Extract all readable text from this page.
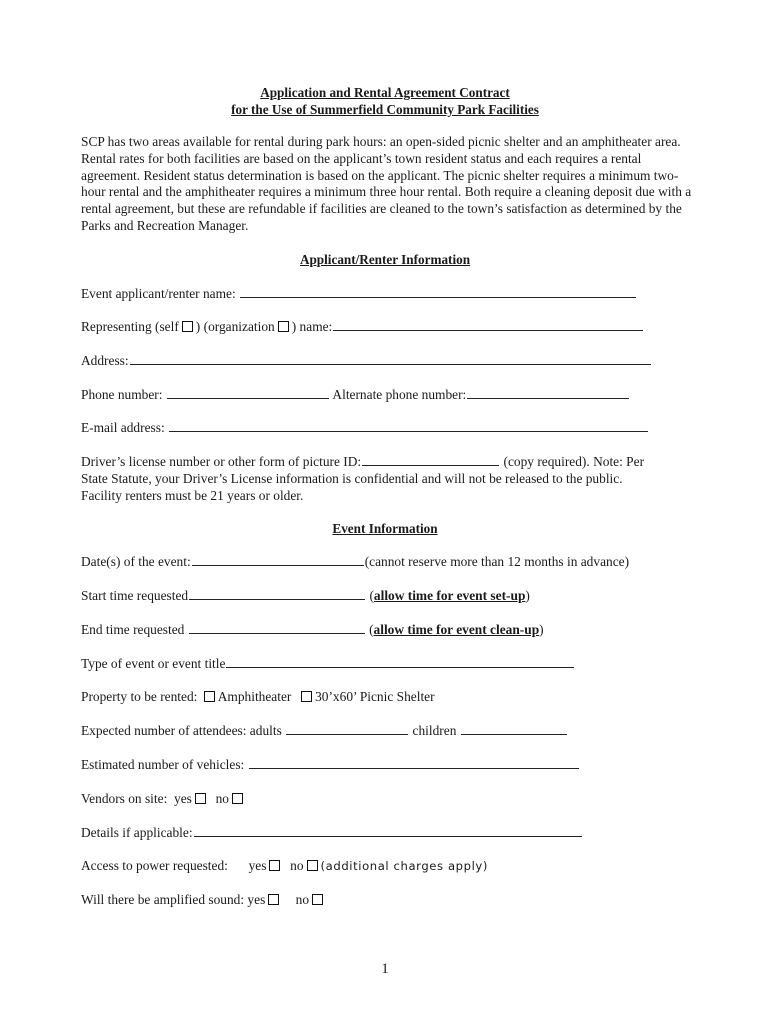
Application and Rental Agreement Contract
for the Use of Summerfield Community Park Facilities
SCP has two areas available for rental during park hours: an open-sided picnic shelter and an amphitheater area. Rental rates for both facilities are based on the applicant’s town resident status and each requires a rental agreement. Resident status determination is based on the applicant. The picnic shelter requires a minimum two-hour rental and the amphitheater requires a minimum three hour rental. Both require a cleaning deposit due with a rental agreement, but these are refundable if facilities are cleaned to the town’s satisfaction as determined by the Parks and Recreation Manager.
Applicant/Renter Information
Event applicant/renter name:
Representing (self ) (organization ) name:
Address:
Phone number:	Alternate phone number:
E-mail address:
Driver’s license number or other form of picture ID:	(copy required). Note: Per
State Statute, your Driver’s License information is confidential and will not be released to the public.
Facility renters must be 21 years or older.
Event Information
Date(s) of the event:	(cannot reserve more than 12 months in advance)
Start time requested	(allow time for event set-up)
End time requested	(allow time for event clean-up)
Type of event or event title
Property to be rented: Amphitheater 30’x60’ Picnic Shelter
Expected number of attendees: adults	children
Estimated number of vehicles:
Vendors on site: yes no
Details if applicable:
Access to power requested: yes no (additional charges apply)
Will there be amplified sound: yes no
1
